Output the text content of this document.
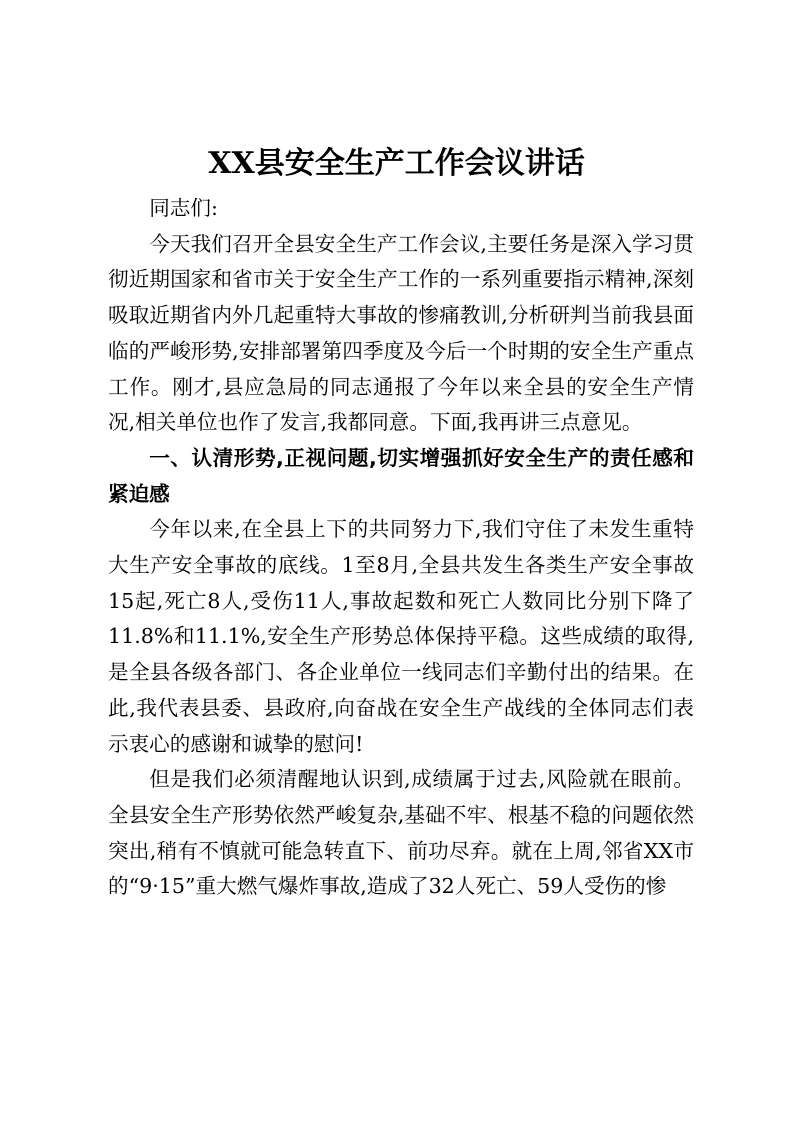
XX县安全生产工作会议讲话

同志们:

今天我们召开全县安全生产工作会议,主要任务是深入学习贯彻近期国家和省市关于安全生产工作的一系列重要指示精神,深刻吸取近期省内外几起重特大事故的惨痛教训,分析研判当前我县面临的严峻形势,安排部署第四季度及今后一个时期的安全生产重点工作。刚才,县应急局的同志通报了今年以来全县的安全生产情况,相关单位也作了发言,我都同意。下面,我再讲三点意见。

一、认清形势,正视问题,切实增强抓好安全生产的责任感和紧迫感

今年以来,在全县上下的共同努力下,我们守住了未发生重特大生产安全事故的底线。1至8月,全县共发生各类生产安全事故15起,死亡8人,受伤11人,事故起数和死亡人数同比分别下降了11.8%和11.1%,安全生产形势总体保持平稳。这些成绩的取得,是全县各级各部门、各企业单位一线同志们辛勤付出的结果。在此,我代表县委、县政府,向奋战在安全生产战线的全体同志们表示衷心的感谢和诚挚的慰问!

但是我们必须清醒地认识到,成绩属于过去,风险就在眼前。全县安全生产形势依然严峻复杂,基础不牢、根基不稳的问题依然突出,稍有不慎就可能急转直下、前功尽弃。就在上周,邻省XX市的“9·15”重大燃气爆炸事故,造成了32人死亡、59人受伤的惨
